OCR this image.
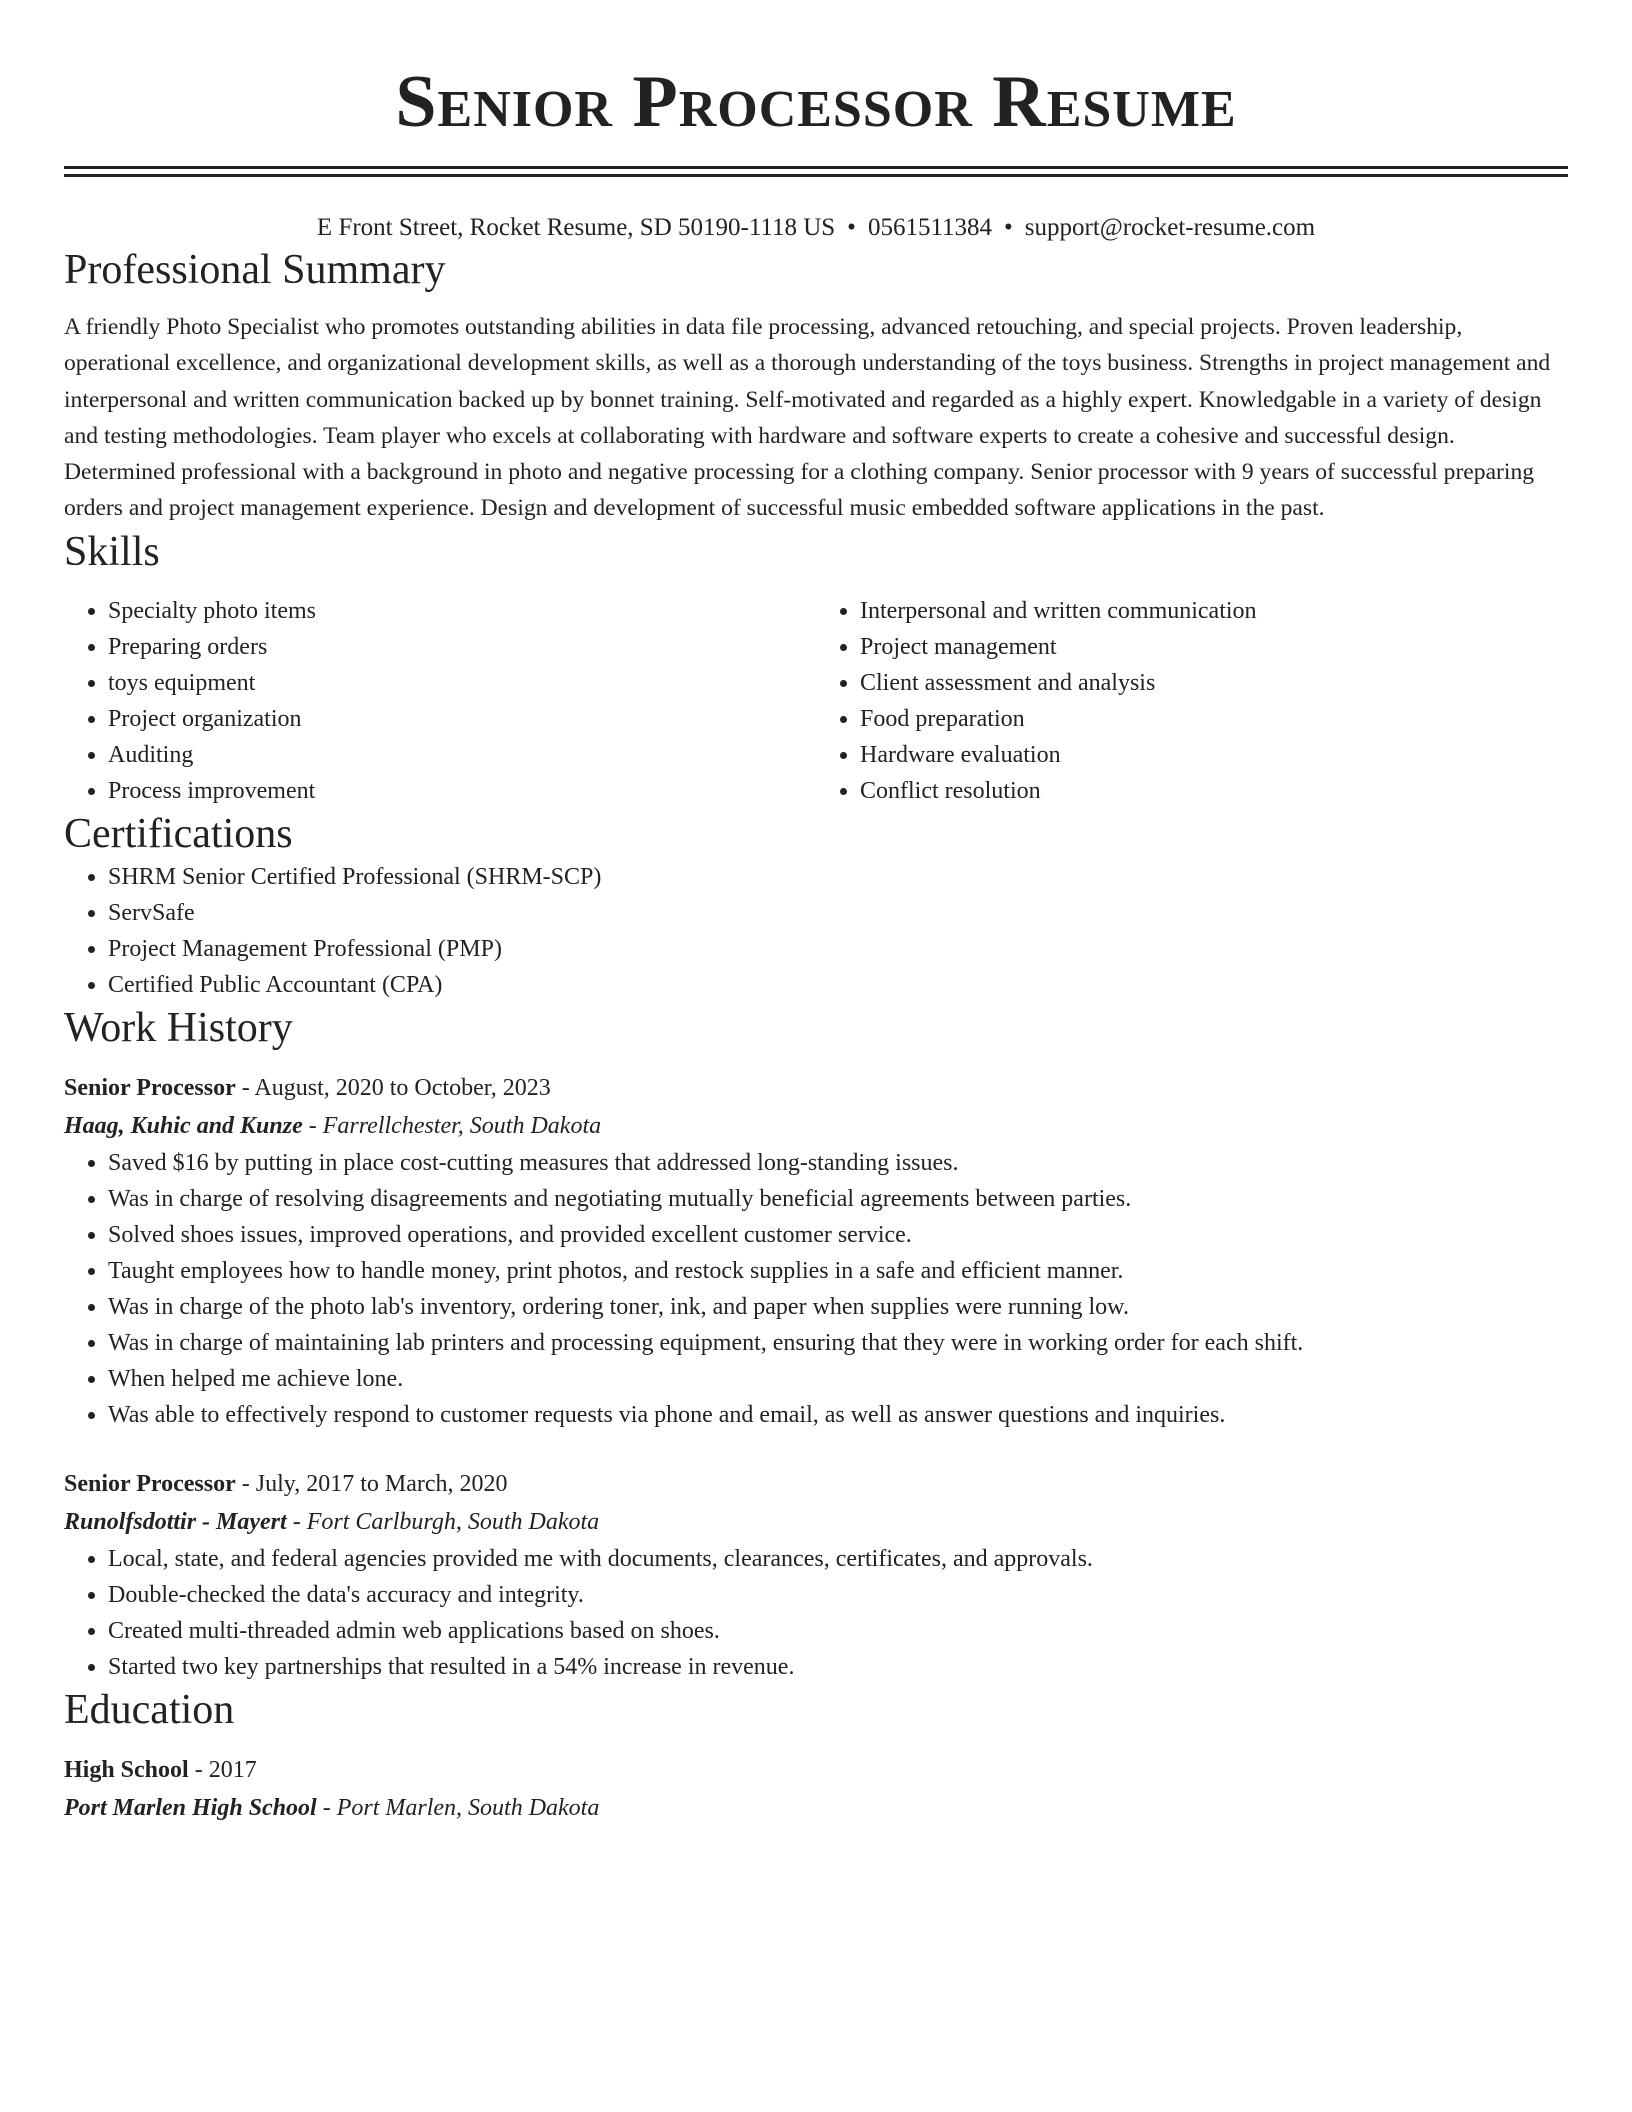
Senior Processor Resume
E Front Street, Rocket Resume, SD 50190-1118 US • 0561511384 • support@rocket-resume.com
Professional Summary

A friendly Photo Specialist who promotes outstanding abilities in data file processing, advanced retouching, and special projects. Proven leadership, operational excellence, and organizational development skills, as well as a thorough understanding of the toys business. Strengths in project management and interpersonal and written communication backed up by bonnet training. Self-motivated and regarded as a highly expert. Knowledgable in a variety of design and testing methodologies. Team player who excels at collaborating with hardware and software experts to create a cohesive and successful design. Determined professional with a background in photo and negative processing for a clothing company. Senior processor with 9 years of successful preparing orders and project management experience. Design and development of successful music embedded software applications in the past.

Skills
• Specialty photo items
• Preparing orders
• toys equipment
• Project organization
• Auditing
• Process improvement
• Interpersonal and written communication
• Project management
• Client assessment and analysis
• Food preparation
• Hardware evaluation
• Conflict resolution
Certifications
• SHRM Senior Certified Professional (SHRM-SCP)
• ServSafe
• Project Management Professional (PMP)
• Certified Public Accountant (CPA)
Work History
Senior Processor - August, 2020 to October, 2023
Haag, Kuhic and Kunze - Farrellchester, South Dakota
• Saved $16 by putting in place cost-cutting measures that addressed long-standing issues.
• Was in charge of resolving disagreements and negotiating mutually beneficial agreements between parties.
• Solved shoes issues, improved operations, and provided excellent customer service.
• Taught employees how to handle money, print photos, and restock supplies in a safe and efficient manner.
• Was in charge of the photo lab's inventory, ordering toner, ink, and paper when supplies were running low.
• Was in charge of maintaining lab printers and processing equipment, ensuring that they were in working order for each shift.
• When helped me achieve lone.
• Was able to effectively respond to customer requests via phone and email, as well as answer questions and inquiries.
Senior Processor - July, 2017 to March, 2020
Runolfsdottir - Mayert - Fort Carlburgh, South Dakota
• Local, state, and federal agencies provided me with documents, clearances, certificates, and approvals.
• Double-checked the data's accuracy and integrity.
• Created multi-threaded admin web applications based on shoes.
• Started two key partnerships that resulted in a 54% increase in revenue.
Education
High School - 2017
Port Marlen High School - Port Marlen, South Dakota
